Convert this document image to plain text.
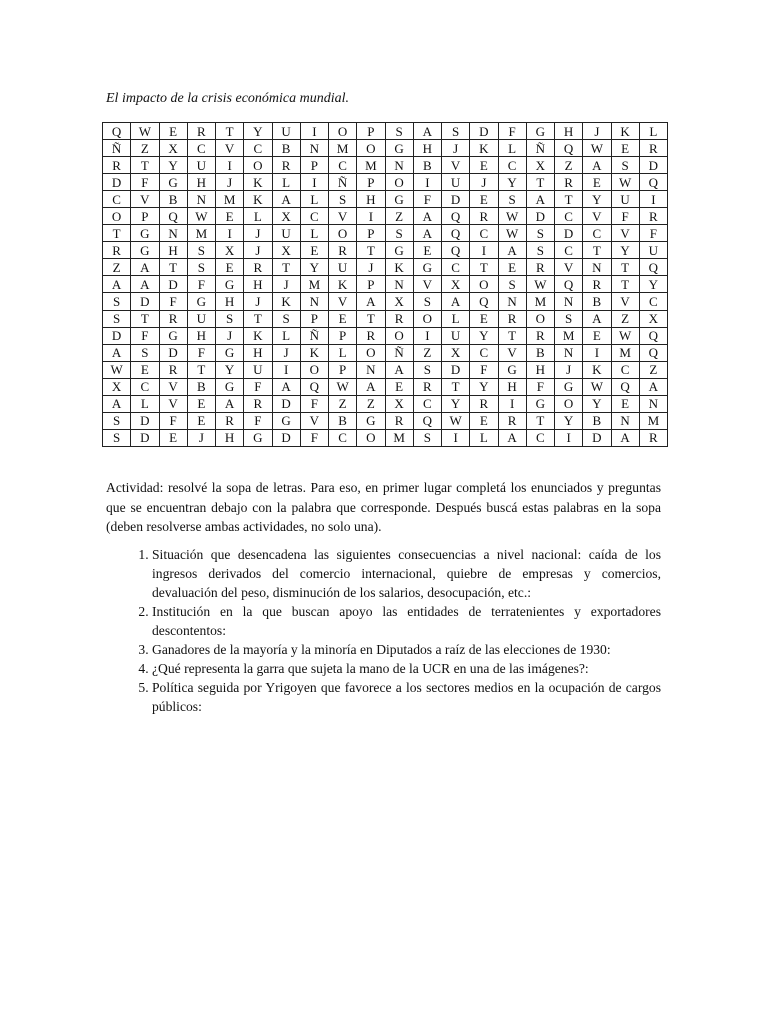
El impacto de la crisis económica mundial.
Q	W	E	R	T	Y	U	I	O	P	S	A	S	D	F	G	H	J	K	L
Ñ	Z	X	C	V	C	B	N	M	O	G	H	J	K	L	Ñ	Q	W	E	R
R	T	Y	U	I	O	R	P	C	M	N	B	V	E	C	X	Z	A	S	D
D	F	G	H	J	K	L	I	Ñ	P	O	I	U	J	Y	T	R	E	W	Q
C	V	B	N	M	K	A	L	S	H	G	F	D	E	S	A	T	Y	U	I
O	P	Q	W	E	L	X	C	V	I	Z	A	Q	R	W	D	C	V	F	R
T	G	N	M	I	J	U	L	O	P	S	A	Q	C	W	S	D	C	V	F
R	G	H	S	X	J	X	E	R	T	G	E	Q	I	A	S	C	T	Y	U
Z	A	T	S	E	R	T	Y	U	J	K	G	C	T	E	R	V	N	T	Q
A	A	D	F	G	H	J	M	K	P	N	V	X	O	S	W	Q	R	T	Y
S	D	F	G	H	J	K	N	V	A	X	S	A	Q	N	M	N	B	V	C
S	T	R	U	S	T	S	P	E	T	R	O	L	E	R	O	S	A	Z	X
D	F	G	H	J	K	L	Ñ	P	R	O	I	U	Y	T	R	M	E	W	Q
A	S	D	F	G	H	J	K	L	O	Ñ	Z	X	C	V	B	N	I	M	Q
W	E	R	T	Y	U	I	O	P	N	A	S	D	F	G	H	J	K	C	Z
X	C	V	B	G	F	A	Q	W	A	E	R	T	Y	H	F	G	W	Q	A
A	L	V	E	A	R	D	F	Z	Z	X	C	Y	R	I	G	O	Y	E	N
S	D	F	E	R	F	G	V	B	G	R	Q	W	E	R	T	Y	B	N	M
S	D	E	J	H	G	D	F	C	O	M	S	I	L	A	C	I	D	A	R

Actividad: resolvé la sopa de letras. Para eso, en primer lugar completá los enunciados y preguntas que se encuentran debajo con la palabra que corresponde. Después buscá estas palabras en la sopa (deben resolverse ambas actividades, no solo una).

1. Situación que desencadena las siguientes consecuencias a nivel nacional: caída de los ingresos derivados del comercio internacional, quiebre de empresas y comercios, devaluación del peso, disminución de los salarios, desocupación, etc.:
2. Institución en la que buscan apoyo las entidades de terratenientes y exportadores descontentos:
3. Ganadores de la mayoría y la minoría en Diputados a raíz de las elecciones de 1930:
4. ¿Qué representa la garra que sujeta la mano de la UCR en una de las imágenes?:
5. Política seguida por Yrigoyen que favorece a los sectores medios en la ocupación de cargos públicos:
